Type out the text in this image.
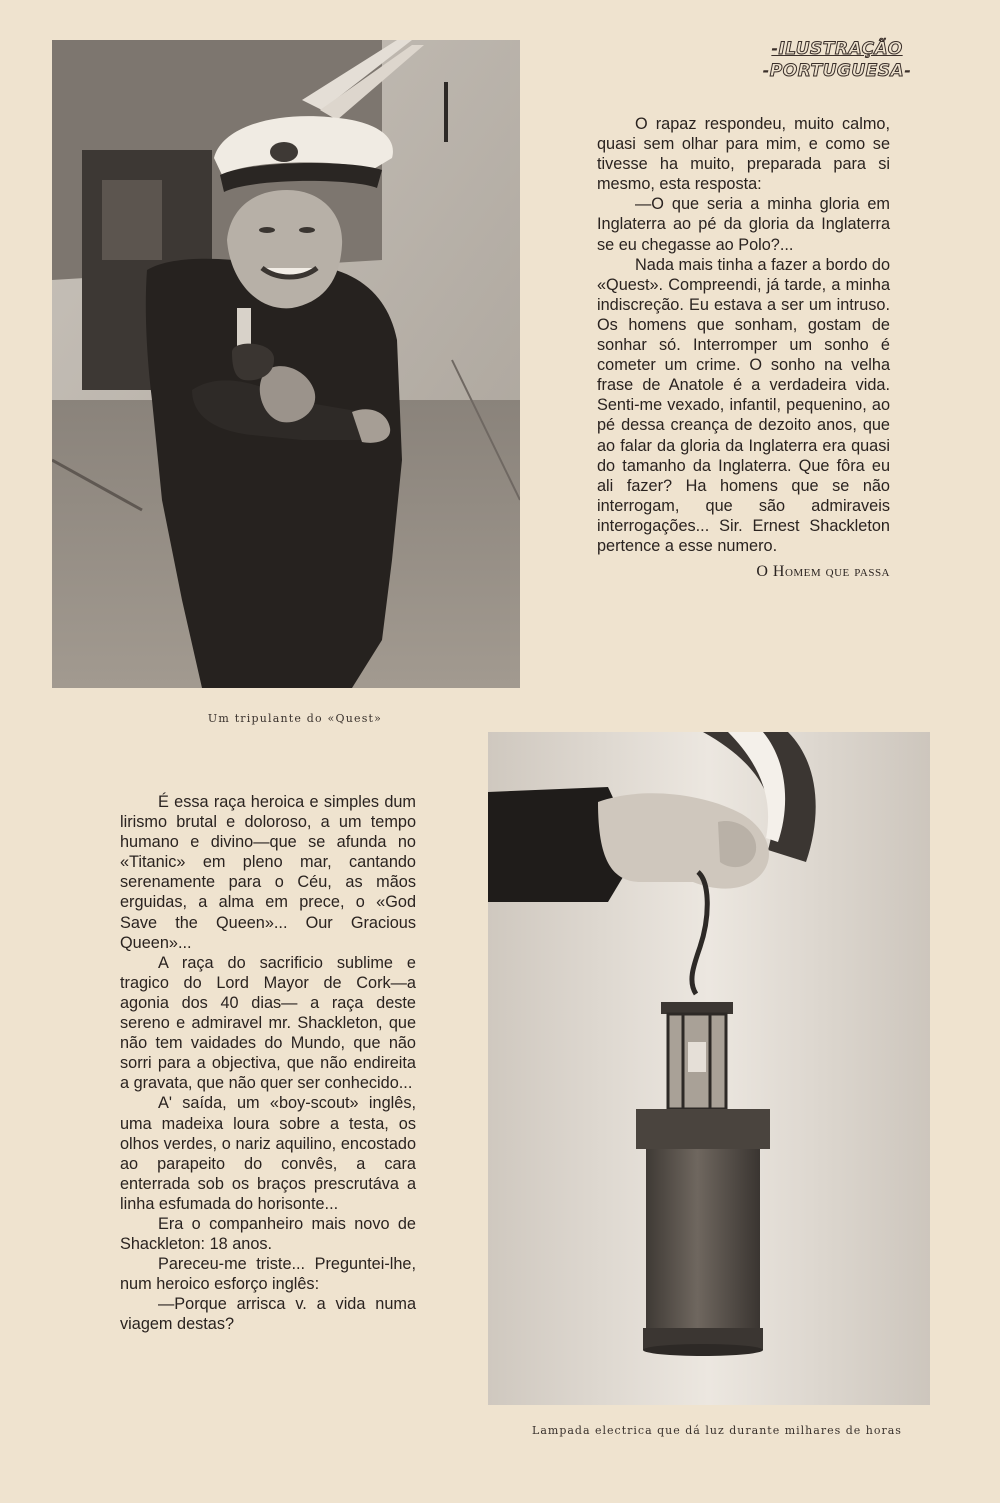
-ILUSTRAÇÃO
-PORTUGUESA-
Um tripulante do «Quest»

O rapaz respondeu, muito calmo, quasi sem olhar para mim, e como se tivesse ha muito, preparada para si mesmo, esta resposta:

—O que seria a minha gloria em Inglaterra ao pé da gloria da Inglaterra se eu chegasse ao Polo?...

Nada mais tinha a fazer a bordo do «Quest». Compreendi, já tarde, a minha indiscreção. Eu estava a ser um intruso. Os homens que sonham, gostam de sonhar só. Interromper um sonho é cometer um crime. O sonho na velha frase de Anatole é a verdadeira vida. Senti-me vexado, infantil, pequenino, ao pé dessa creança de dezoito anos, que ao falar da gloria da Inglaterra era quasi do tamanho da Inglaterra. Que fôra eu ali fazer? Ha homens que se não interrogam, que são admiraveis interrogações... Sir. Ernest Shackleton pertence a esse numero.

O Homem que passa

É essa raça heroica e simples dum lirismo brutal e doloroso, a um tempo humano e divino—que se afunda no «Titanic» em pleno mar, cantando serenamente para o Céu, as mãos erguidas, a alma em prece, o «God Save the Queen»... Our Gracious Queen»...

A raça do sacrificio sublime e tragico do Lord Mayor de Cork—a agonia dos 40 dias— a raça deste sereno e admiravel mr. Shackleton, que não tem vaidades do Mundo, que não sorri para a objectiva, que não endireita a gravata, que não quer ser conhecido...

A' saída, um «boy-scout» inglês, uma madeixa loura sobre a testa, os olhos verdes, o nariz aquilino, encostado ao parapeito do convês, a cara enterrada sob os braços prescrutáva a linha esfumada do horisonte...

Era o companheiro mais novo de Shackleton: 18 anos.

Pareceu-me triste... Preguntei-lhe, num heroico esforço inglês:

—Porque arrisca v. a vida numa viagem destas?

Lampada electrica que dá luz durante milhares de horas
